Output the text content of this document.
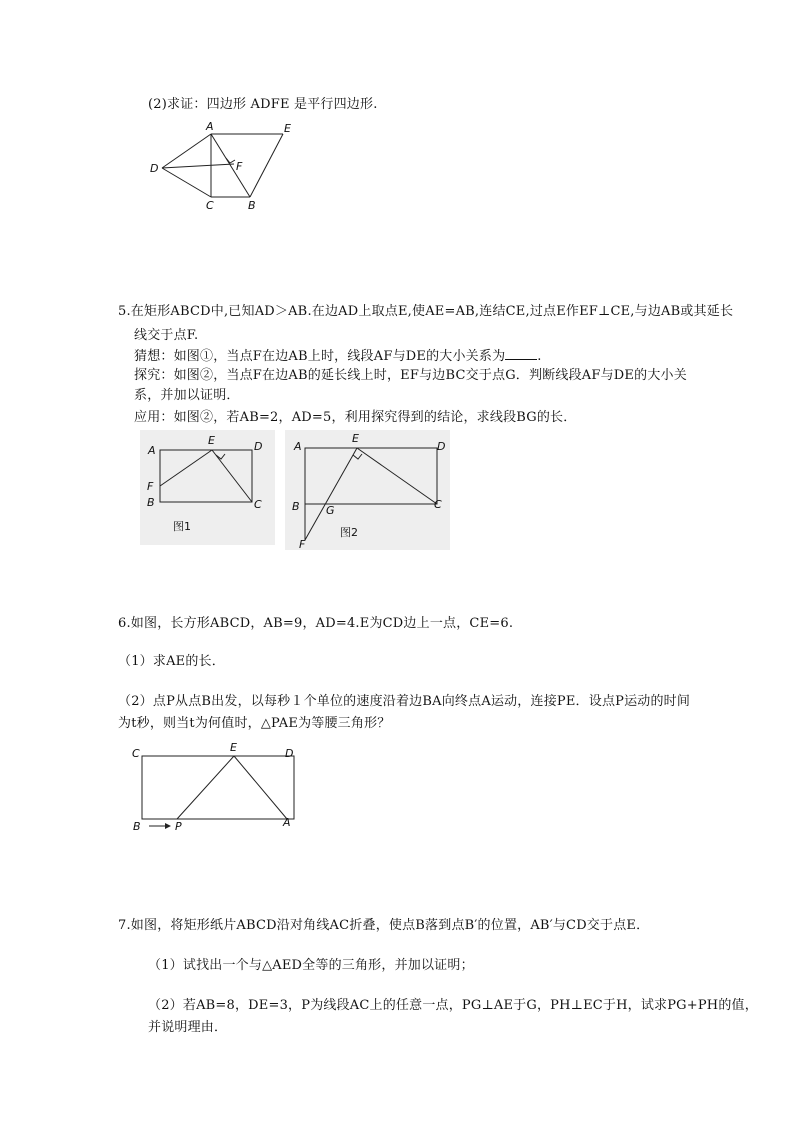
(2)求证：四边形 ADFE 是平行四边形.
A	E
D	F
C	B
5.在矩形ABCD中,已知AD＞AB.在边AD上取点E,使AE=AB,连结CE,过点E作EF⊥CE,与边AB或其延长
线交于点F.
猜想：如图①，当点F在边AB上时，线段AF与DE的大小关系为 .
探究：如图②，当点F在边AB的延长线上时，EF与边BC交于点G．判断线段AF与DE的大小关
系，并加以证明．
应用：如图②，若AB=2，AD=5，利用探究得到的结论，求线段BG的长．
A
E	D
F
B	C
图1
A
E
D
B G	C
F
图2
6.如图，长方形ABCD，AB=9，AD=4.E为CD边上一点，CE=6.
（1）求AE的长．
（2）点P从点B出发，以每秒１个单位的速度沿着边BA向终点A运动，连接PE．设点P运动的时间
为t秒，则当t为何值时，△PAE为等腰三角形？
C	E	D
B	P	A
7.如图，将矩形纸片ABCD沿对角线AC折叠，使点B落到点B′的位置，AB′与CD交于点E．
（1）试找出一个与△AED全等的三角形，并加以证明；
（2）若AB=8，DE=3，P为线段AC上的任意一点，PG⊥AE于G，PH⊥EC于H，试求PG+PH的值，
并说明理由．
